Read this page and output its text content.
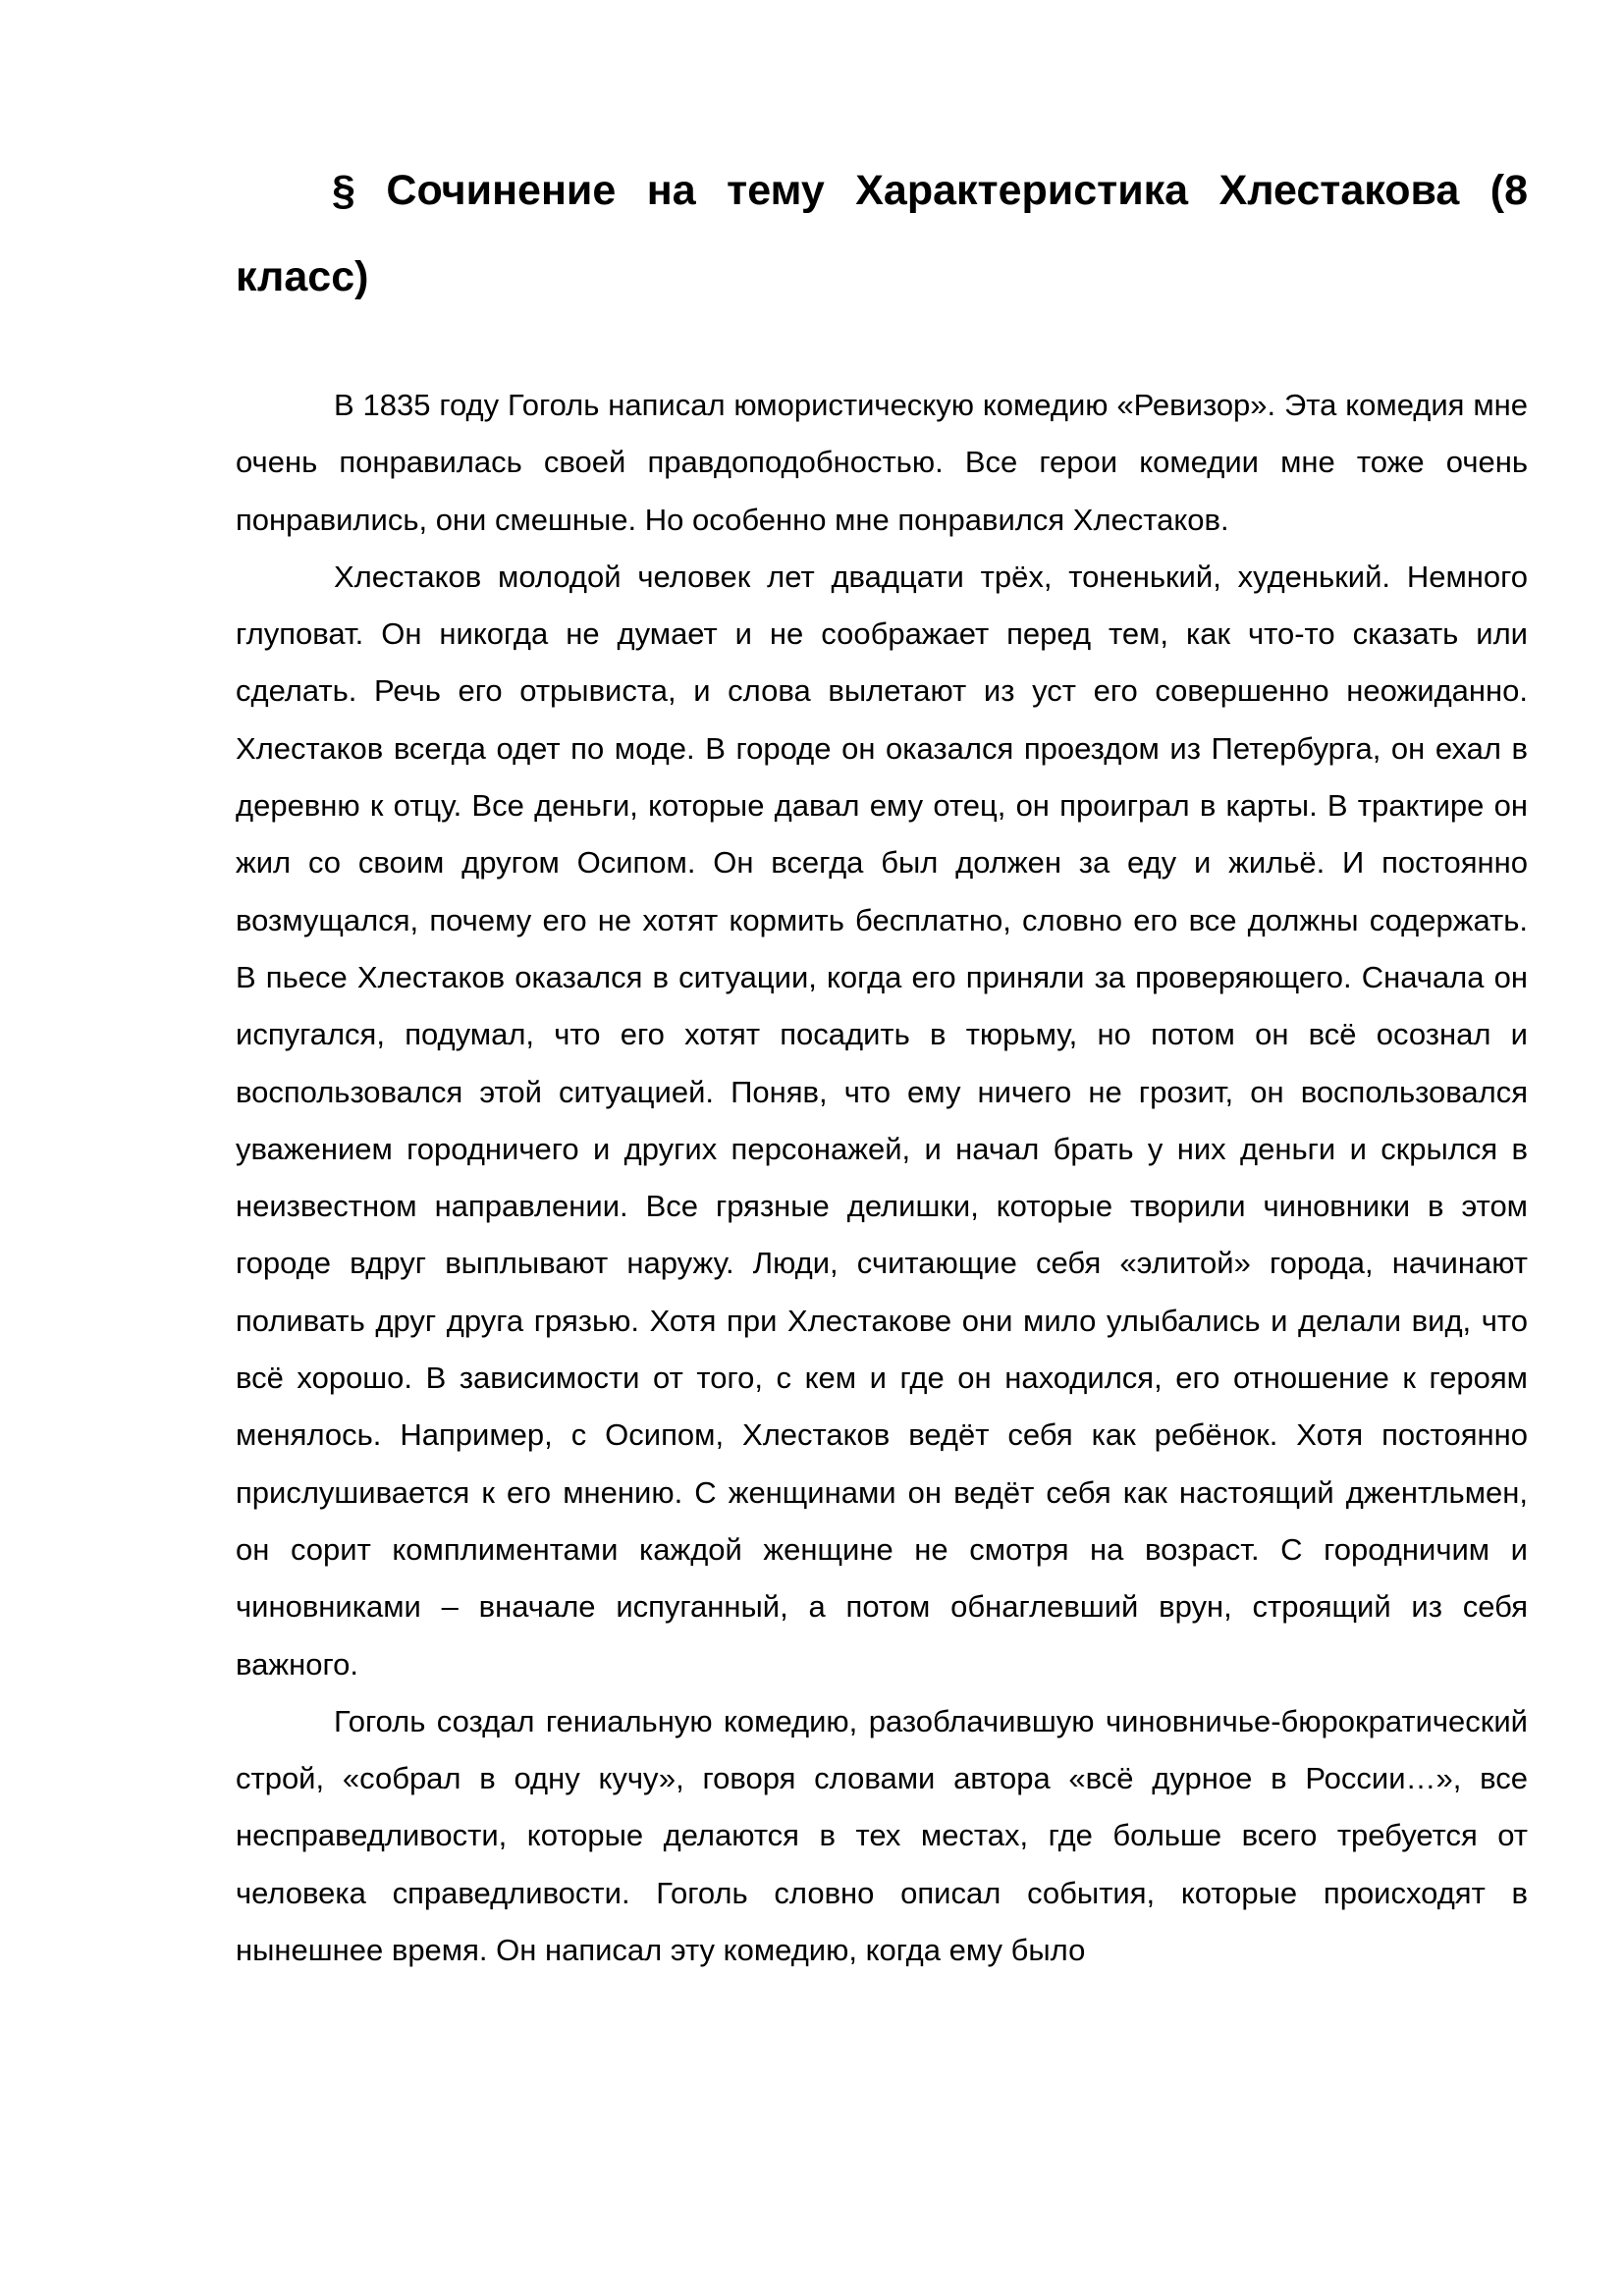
§ Сочинение на тему Характеристика Хлестакова (8 класс)

В 1835 году Гоголь написал юмористическую комедию «Ревизор». Эта комедия мне очень понравилась своей правдоподобностью. Все герои комедии мне тоже очень понравились, они смешные. Но особенно мне понравился Хлестаков.

Хлестаков молодой человек лет двадцати трёх, тоненький, худенький. Немного глуповат. Он никогда не думает и не соображает перед тем, как что-то сказать или сделать. Речь его отрывиста, и слова вылетают из уст его совершенно неожиданно. Хлестаков всегда одет по моде. В городе он оказался проездом из Петербурга, он ехал в деревню к отцу. Все деньги, которые давал ему отец, он проиграл в карты. В трактире он жил со своим другом Осипом. Он всегда был должен за еду и жильё. И постоянно возмущался, почему его не хотят кормить бесплатно, словно его все должны содержать. В пьесе Хлестаков оказался в ситуации, когда его приняли за проверяющего. Сначала он испугался, подумал, что его хотят посадить в тюрьму, но потом он всё осознал и воспользовался этой ситуацией. Поняв, что ему ничего не грозит, он воспользовался уважением городничего и других персонажей, и начал брать у них деньги и скрылся в неизвестном направлении. Все грязные делишки, которые творили чиновники в этом городе вдруг выплывают наружу. Люди, считающие себя «элитой» города, начинают поливать друг друга грязью. Хотя при Хлестакове они мило улыбались и делали вид, что всё хорошо. В зависимости от того, с кем и где он находился, его отношение к героям менялось. Например, с Осипом, Хлестаков ведёт себя как ребёнок. Хотя постоянно прислушивается к его мнению. С женщинами он ведёт себя как настоящий джентльмен, он сорит комплиментами каждой женщине не смотря на возраст. С городничим и чиновниками – вначале испуганный, а потом обнаглевший врун, строящий из себя важного.

Гоголь создал гениальную комедию, разоблачившую чиновничье-бюрократический строй, «собрал в одну кучу», говоря словами автора «всё дурное в России…», все несправедливости, которые делаются в тех местах, где больше всего требуется от человека справедливости. Гоголь словно описал события, которые происходят в нынешнее время. Он написал эту комедию, когда ему было
